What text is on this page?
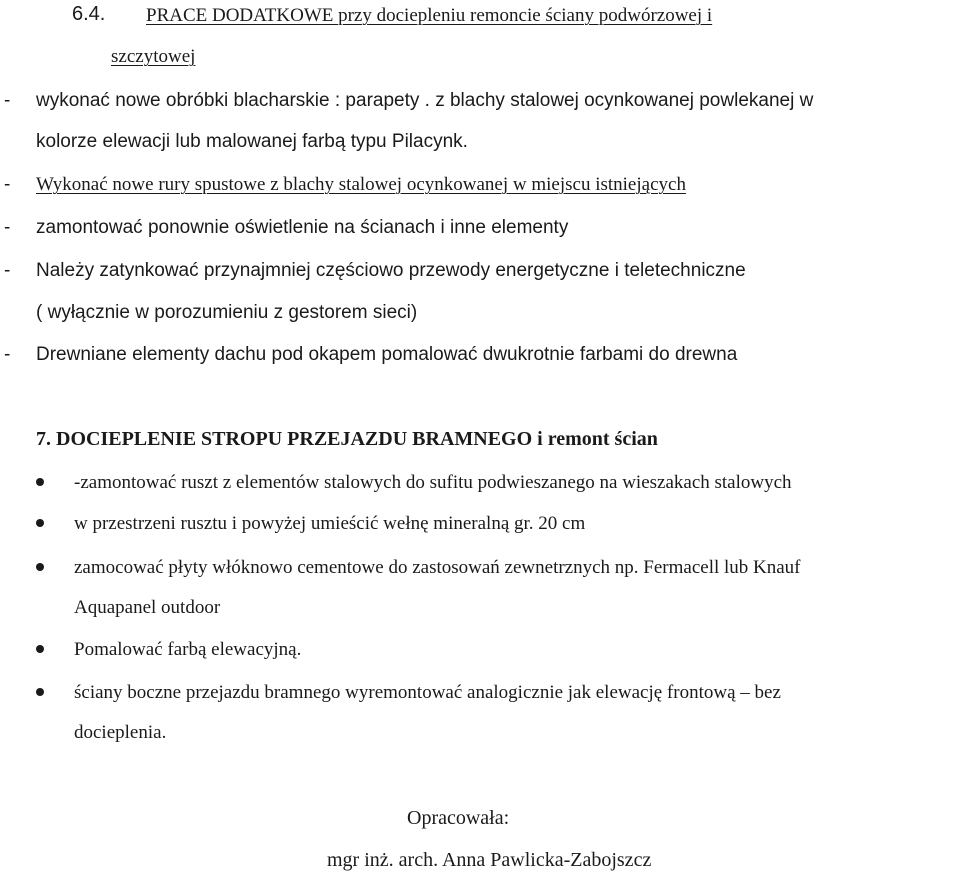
6.4. PRACE DODATKOWE przy dociepleniu remoncie ściany podwórzowej i
szczytowej
- wykonać nowe obróbki blacharskie : parapety . z blachy stalowej ocynkowanej powlekanej w
kolorze elewacji lub malowanej farbą typu Pilacynk.
- Wykonać nowe rury spustowe z blachy stalowej ocynkowanej w miejscu istniejących
- zamontować ponownie oświetlenie na ścianach i inne elementy
- Należy zatynkować przynajmniej częściowo przewody energetyczne i teletechniczne
( wyłącznie w porozumieniu z gestorem sieci)
- Drewniane elementy dachu pod okapem pomalować dwukrotnie farbami do drewna
7. DOCIEPLENIE STROPU PRZEJAZDU BRAMNEGO i remont ścian
-zamontować ruszt z elementów stalowych do sufitu podwieszanego na wieszakach stalowych
w przestrzeni rusztu i powyżej umieścić wełnę mineralną gr. 20 cm
zamocować płyty włóknowo cementowe do zastosowań zewnetrznych np. Fermacell lub Knauf
Aquapanel outdoor
Pomalować farbą elewacyjną.
ściany boczne przejazdu bramnego wyremontować analogicznie jak elewację frontową – bez
docieplenia.
Opracowała:
mgr inż. arch. Anna Pawlicka-Zabojszcz
